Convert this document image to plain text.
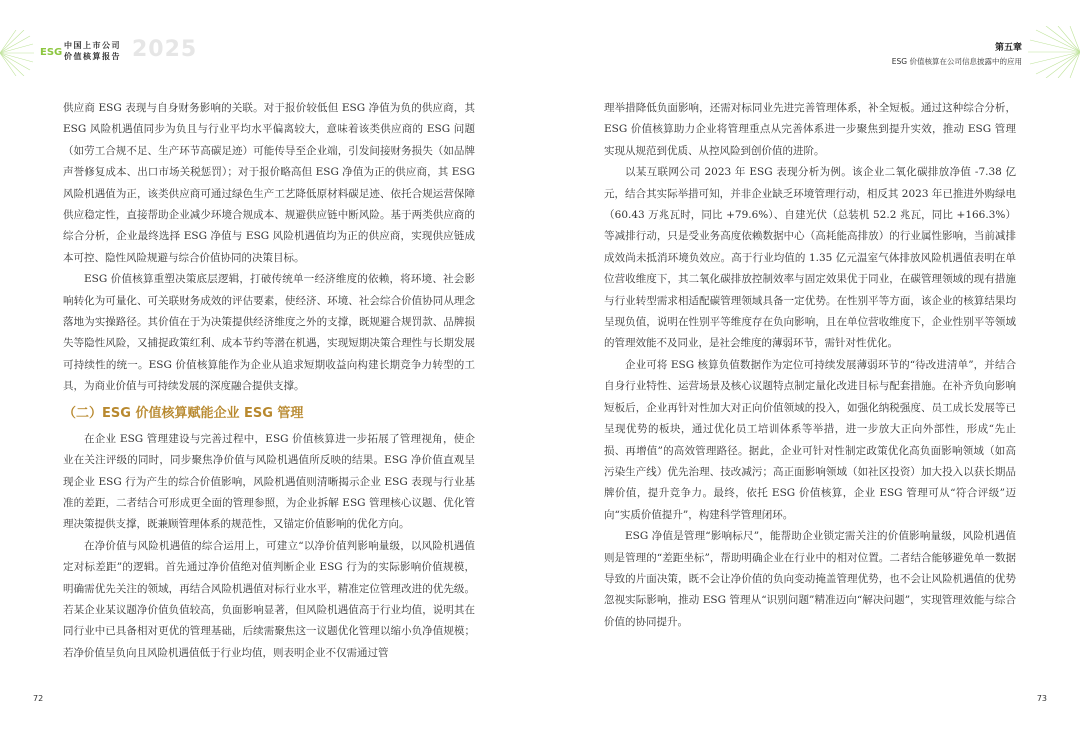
ESG
中国上市公司
价值核算报告 2025	第五章
ESG 价值核算在公司信息披露中的应用

供应商 ESG 表现与自身财务影响的关联。对于报价较低但 ESG 净值为负的供应商，其 ESG 风险机遇值同步为负且与行业平均水平偏离较大，意味着该类供应商的 ESG 问题（如劳工合规不足、生产环节高碳足迹）可能传导至企业端，引发间接财务损失（如品牌声誉修复成本、出口市场关税惩罚）；对于报价略高但 ESG 净值为正的供应商，其 ESG 风险机遇值为正，该类供应商可通过绿色生产工艺降低原材料碳足迹、依托合规运营保障供应稳定性，直接帮助企业减少环境合规成本、规避供应链中断风险。基于两类供应商的综合分析，企业最终选择 ESG 净值与 ESG 风险机遇值均为正的供应商，实现供应链成本可控、隐性风险规避与综合价值协同的决策目标。

ESG 价值核算重塑决策底层逻辑，打破传统单一经济维度的依赖，将环境、社会影响转化为可量化、可关联财务成效的评估要素，使经济、环境、社会综合价值协同从理念落地为实操路径。其价值在于为决策提供经济维度之外的支撑，既规避合规罚款、品牌损失等隐性风险，又捕捉政策红利、成本节约等潜在机遇，实现短期决策合理性与长期发展可持续性的统一。ESG 价值核算能作为企业从追求短期收益向构建长期竞争力转型的工具，为商业价值与可持续发展的深度融合提供支撑。

（二）ESG 价值核算赋能企业 ESG 管理

在企业 ESG 管理建设与完善过程中，ESG 价值核算进一步拓展了管理视角，使企业在关注评级的同时，同步聚焦净价值与风险机遇值所反映的结果。ESG 净价值直观呈现企业 ESG 行为产生的综合价值影响，风险机遇值则清晰揭示企业 ESG 表现与行业基准的差距，二者结合可形成更全面的管理参照，为企业拆解 ESG 管理核心议题、优化管理决策提供支撑，既兼顾管理体系的规范性，又锚定价值影响的优化方向。

在净价值与风险机遇值的综合运用上，可建立“以净价值判影响量级，以风险机遇值定对标差距”的逻辑。首先通过净价值绝对值判断企业 ESG 行为的实际影响价值规模，明确需优先关注的领域，再结合风险机遇值对标行业水平，精准定位管理改进的优先级。若某企业某议题净价值负值较高，负面影响显著，但风险机遇值高于行业均值，说明其在同行业中已具备相对更优的管理基础，后续需聚焦这一议题优化管理以缩小负净值规模；若净价值呈负向且风险机遇值低于行业均值，则表明企业不仅需通过管

理举措降低负面影响，还需对标同业先进完善管理体系，补全短板。通过这种综合分析，ESG 价值核算助力企业将管理重点从完善体系进一步聚焦到提升实效，推动 ESG 管理实现从规范到优质、从控风险到创价值的进阶。

以某互联网公司 2023 年 ESG 表现分析为例。该企业二氧化碳排放净值 -7.38 亿元，结合其实际举措可知，并非企业缺乏环境管理行动，相反其 2023 年已推进外购绿电（60.43 万兆瓦时，同比 +79.6%）、自建光伏（总装机 52.2 兆瓦，同比 +166.3%）等减排行动，只是受业务高度依赖数据中心（高耗能高排放）的行业属性影响，当前减排成效尚未抵消环境负效应。高于行业均值的 1.35 亿元温室气体排放风险机遇值表明在单位营收维度下，其二氧化碳排放控制效率与固定效果优于同业，在碳管理领域的现有措施与行业转型需求相适配碳管理领域具备一定优势。在性别平等方面，该企业的核算结果均呈现负值，说明在性别平等维度存在负向影响，且在单位营收维度下，企业性别平等领域的管理效能不及同业，是社会维度的薄弱环节，需针对性优化。

企业可将 ESG 核算负值数据作为定位可持续发展薄弱环节的“待改进清单”，并结合自身行业特性、运营场景及核心议题特点制定量化改进目标与配套措施。在补齐负向影响短板后，企业再针对性加大对正向价值领域的投入，如强化纳税强度、员工成长发展等已呈现优势的板块，通过优化员工培训体系等举措，进一步放大正向外部性，形成“先止损、再增值”的高效管理路径。据此，企业可针对性制定政策优化高负面影响领域（如高污染生产线）优先治理、技改减污；高正面影响领域（如社区投资）加大投入以获长期品牌价值，提升竞争力。最终，依托 ESG 价值核算，企业 ESG 管理可从“符合评级”迈向“实质价值提升”，构建科学管理闭环。

ESG 净值是管理“影响标尺”，能帮助企业锁定需关注的价值影响量级，风险机遇值则是管理的“差距坐标”，帮助明确企业在行业中的相对位置。二者结合能够避免单一数据导致的片面决策，既不会让净价值的负向变动掩盖管理优势，也不会让风险机遇值的优势忽视实际影响，推动 ESG 管理从“识别问题”精准迈向“解决问题”，实现管理效能与综合价值的协同提升。

72	73
